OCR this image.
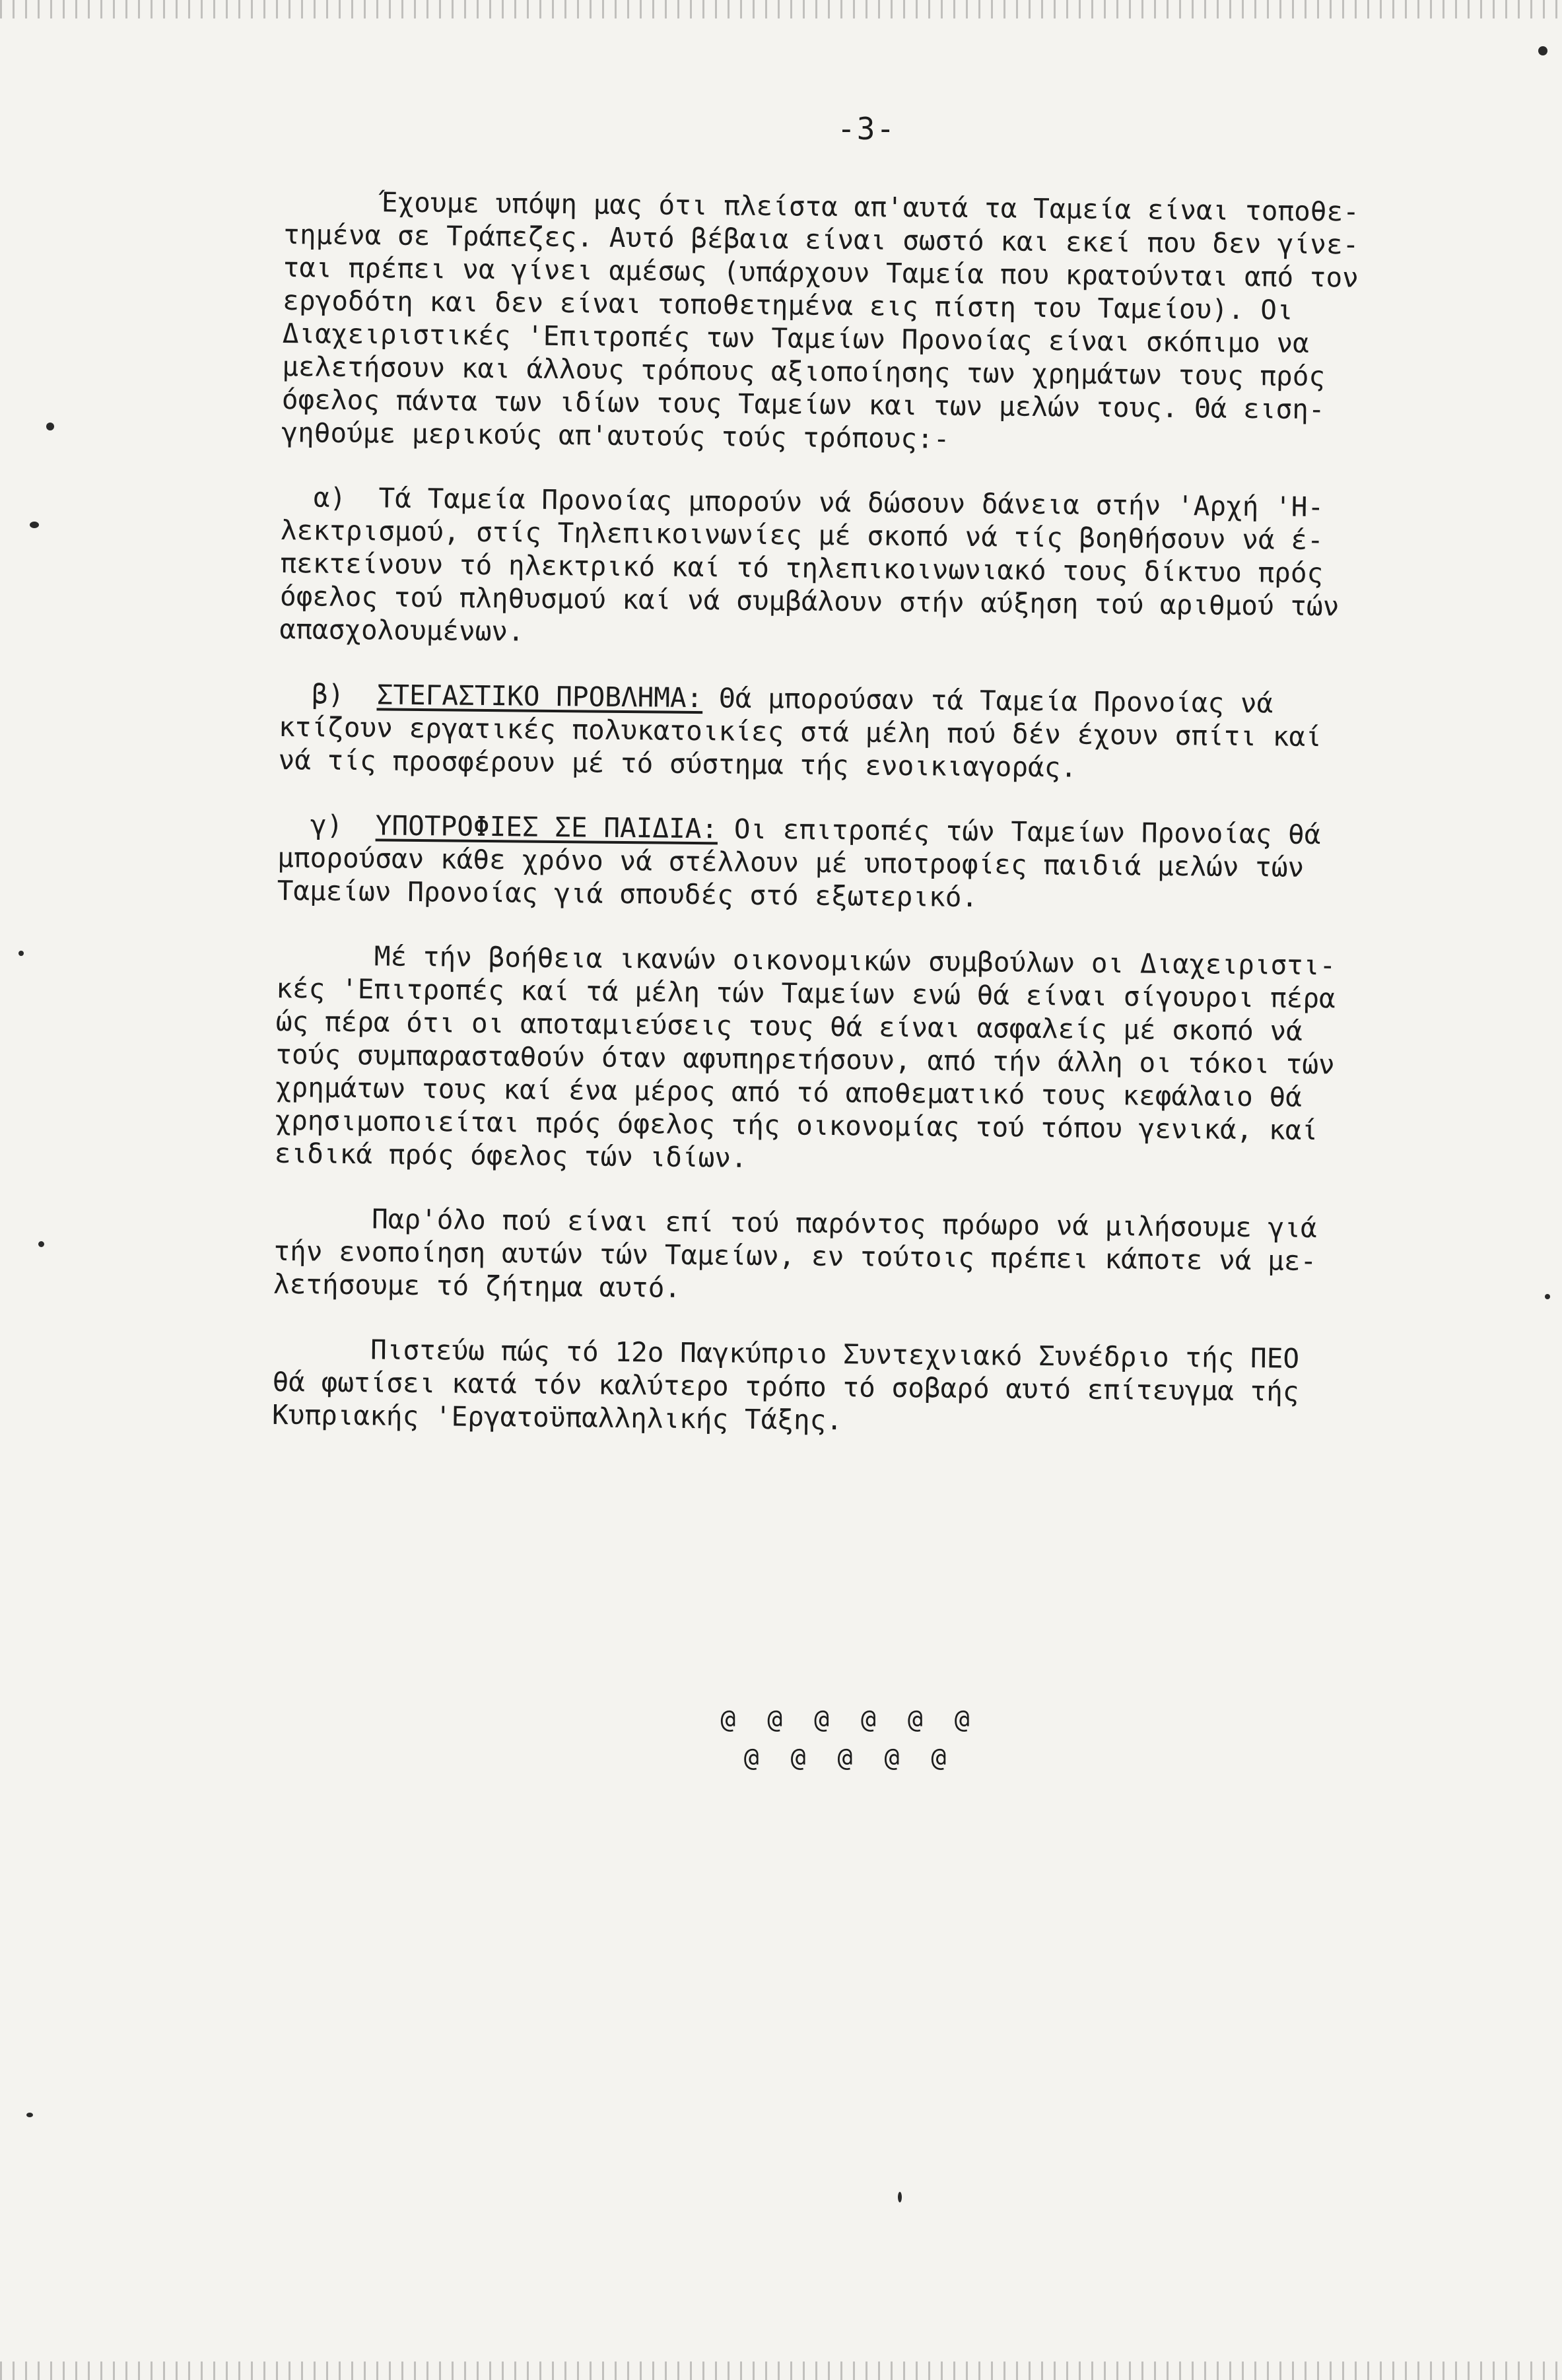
-3-

Έχουμε υπόψη μας ότι πλείστα απ'αυτά τα Ταμεία είναι τοποθε-
τημένα σε Τράπεζες. Αυτό βέβαια είναι σωστό και εκεί που δεν γίνε-
ται πρέπει να γίνει αμέσως (υπάρχουν Ταμεία που κρατούνται από τον
εργοδότη και δεν είναι τοποθετημένα εις πίστη του Ταμείου). Οι
Διαχειριστικές 'Επιτροπές των Ταμείων Προνοίας είναι σκόπιμο να
μελετήσουν και άλλους τρόπους αξιοποίησης των χρημάτων τους πρός
όφελος πάντα των ιδίων τους Ταμείων και των μελών τους. Θά ειση-
γηθούμε μερικούς απ'αυτούς τούς τρόπους:-

α)  Τά Ταμεία Προνοίας μπορούν νά δώσουν δάνεια στήν 'Αρχή 'Η-
λεκτρισμού, στίς Τηλεπικοινωνίες μέ σκοπό νά τίς βοηθήσουν νά έ-
πεκτείνουν τό ηλεκτρικό καί τό τηλεπικοινωνιακό τους δίκτυο πρός
όφελος τού πληθυσμού καί νά συμβάλουν στήν αύξηση τού αριθμού τών
απασχολουμένων.

β)  ΣΤΕΓΑΣΤΙΚΟ ΠΡΟΒΛΗΜΑ: Θά μπορούσαν τά Ταμεία Προνοίας νά
κτίζουν εργατικές πολυκατοικίες στά μέλη πού δέν έχουν σπίτι καί
νά τίς προσφέρουν μέ τό σύστημα τής ενοικιαγοράς.

γ)  ΥΠΟΤΡΟΦΙΕΣ ΣΕ ΠΑΙΔΙΑ: Οι επιτροπές τών Ταμείων Προνοίας θά
μπορούσαν κάθε χρόνο νά στέλλουν μέ υποτροφίες παιδιά μελών τών
Ταμείων Προνοίας γιά σπουδές στό εξωτερικό.

Μέ τήν βοήθεια ικανών οικονομικών συμβούλων οι Διαχειριστι-
κές 'Επιτροπές καί τά μέλη τών Ταμείων ενώ θά είναι σίγουροι πέρα
ώς πέρα ότι οι αποταμιεύσεις τους θά είναι ασφαλείς μέ σκοπό νά
τούς συμπαρασταθούν όταν αφυπηρετήσουν, από τήν άλλη οι τόκοι τών
χρημάτων τους καί ένα μέρος από τό αποθεματικό τους κεφάλαιο θά
χρησιμοποιείται πρός όφελος τής οικονομίας τού τόπου γενικά, καί
ειδικά πρός όφελος τών ιδίων.

Παρ'όλο πού είναι επί τού παρόντος πρόωρο νά μιλήσουμε γιά
τήν ενοποίηση αυτών τών Ταμείων, εν τούτοις πρέπει κάποτε νά με-
λετήσουμε τό ζήτημα αυτό.

Πιστεύω πώς τό 12ο Παγκύπριο Συντεχνιακό Συνέδριο τής ΠΕΟ
θά φωτίσει κατά τόν καλύτερο τρόπο τό σοβαρό αυτό επίτευγμα τής
Κυπριακής 'Εργατοϋπαλληλικής Τάξης.

@ @ @ @ @ @
@ @ @ @ @
